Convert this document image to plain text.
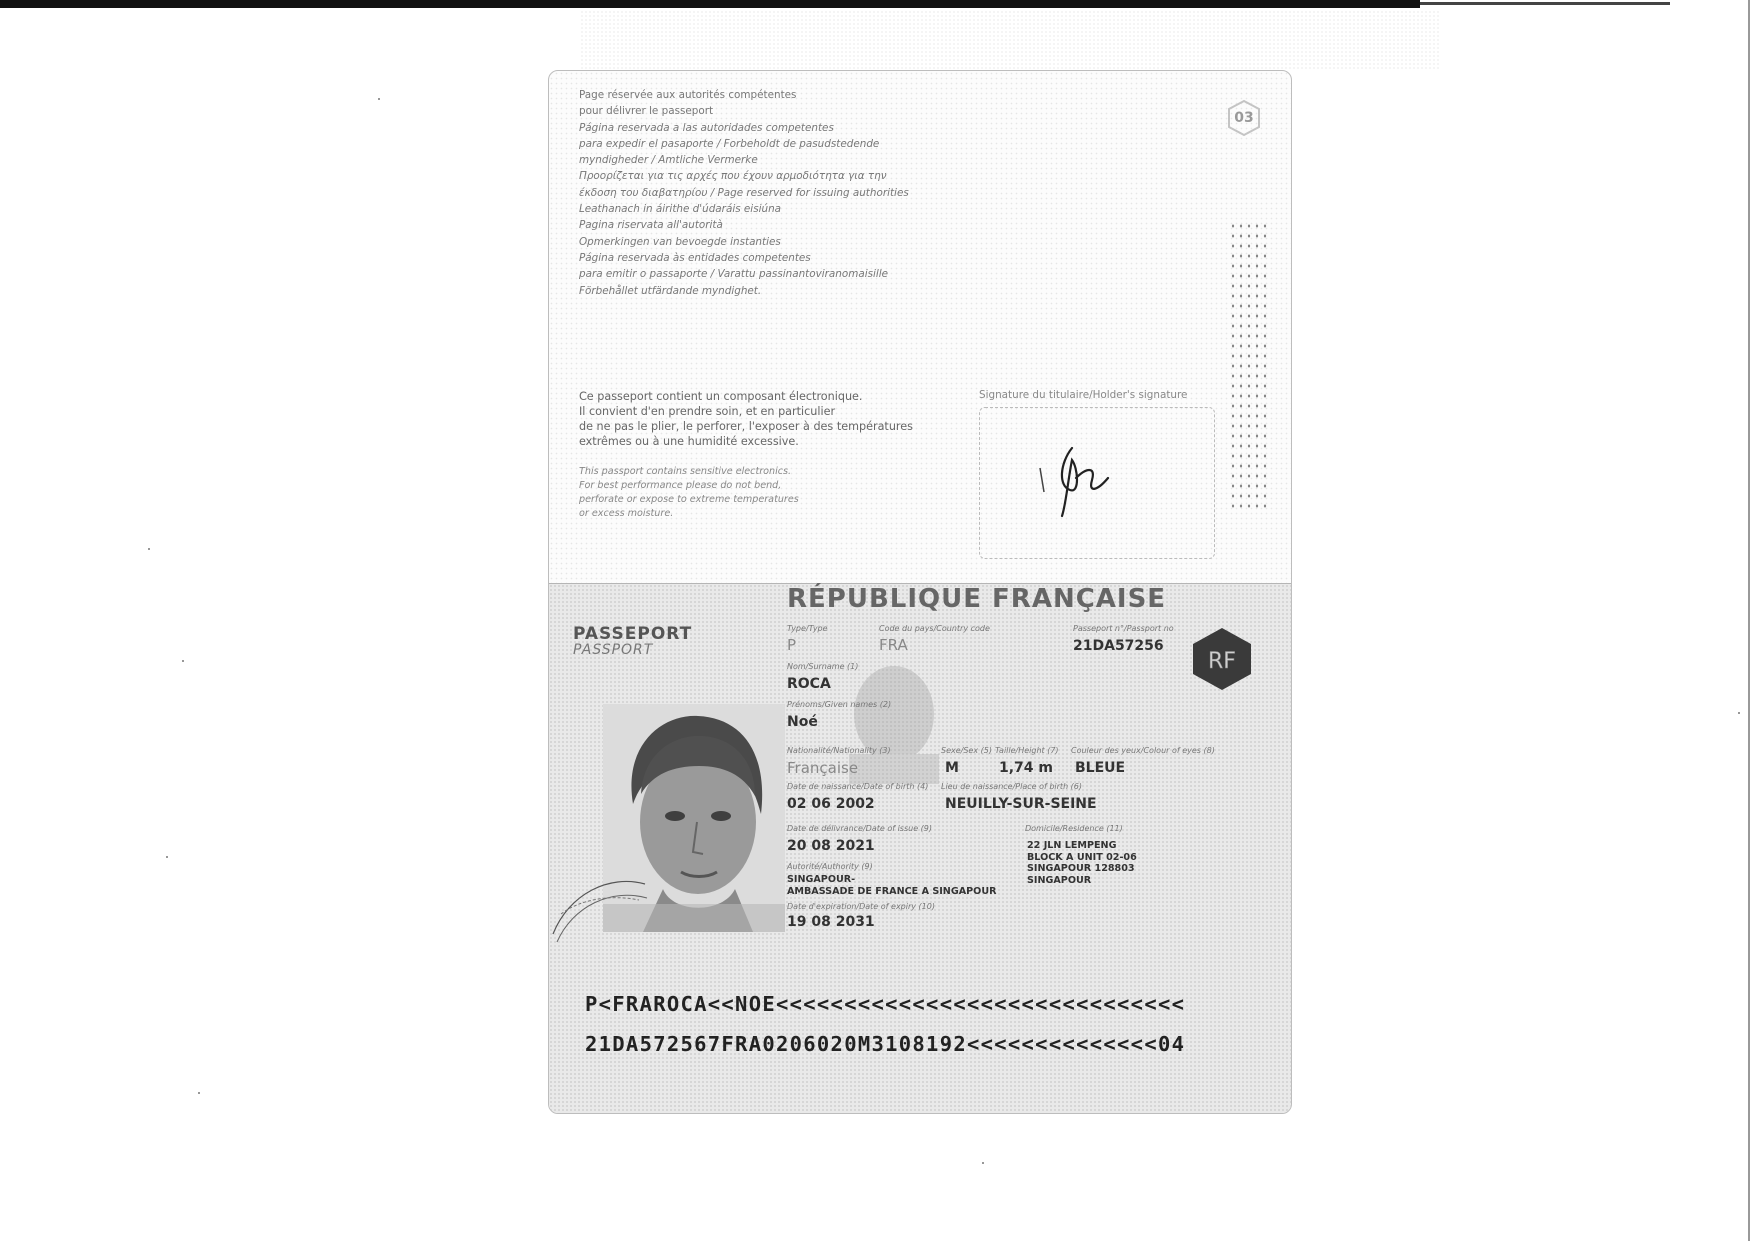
Page réservée aux autorités compétentes
pour délivrer le passeport
Página reservada a las autoridades competentes
para expedir el pasaporte / Forbeholdt de pasudstedende
myndigheder / Amtliche Vermerke
Προορίζεται για τις αρχές που έχουν αρμοδιότητα για την
έκδοση του διαβατηρίου / Page reserved for issuing authorities
Leathanach in áirithe d'údaráis eisiúna
Pagina riservata all'autorità
Opmerkingen van bevoegde instanties
Página reservada às entidades competentes
para emitir o passaporte / Varattu passinantoviranomaisille
Förbehållet utfärdande myndighet.
03
Ce passeport contient un composant électronique.
Il convient d'en prendre soin, et en particulier
de ne pas le plier, le perforer, l'exposer à des températures
extrêmes ou à une humidité excessive.
This passport contains sensitive electronics.
For best performance please do not bend,
perforate or expose to extreme temperatures
or excess moisture.
Signature du titulaire/Holder's signature
RÉPUBLIQUE FRANÇAISE
PASSEPORT
PASSPORT	RF
Type/Type
P
Code du pays/Country code
FRA
Passeport n°/Passport no
21DA57256
Nom/Surname (1)
ROCA
Prénoms/Given names (2)
Noé
Nationalité/Nationality (3)
Française
Sexe/Sex (5)
M
Taille/Height (7)
1,74 m
Couleur des yeux/Colour of eyes (8)
BLEUE
Date de naissance/Date of birth (4)
02 06 2002
Lieu de naissance/Place of birth (6)
NEUILLY-SUR-SEINE
Date de délivrance/Date of issue (9)
20 08 2021
Domicile/Residence (11)
22 JLN LEMPENG
BLOCK A UNIT 02-06
SINGAPOUR 128803
SINGAPOUR
Autorité/Authority (9)
SINGAPOUR-
AMBASSADE DE FRANCE A SINGAPOUR
Date d'expiration/Date of expiry (10)
19 08 2031
P<FRAROCA<<NOE<<<<<<<<<<<<<<<<<<<<<<<<<<<<<<
21DA572567FRA0206020M3108192<<<<<<<<<<<<<<04
